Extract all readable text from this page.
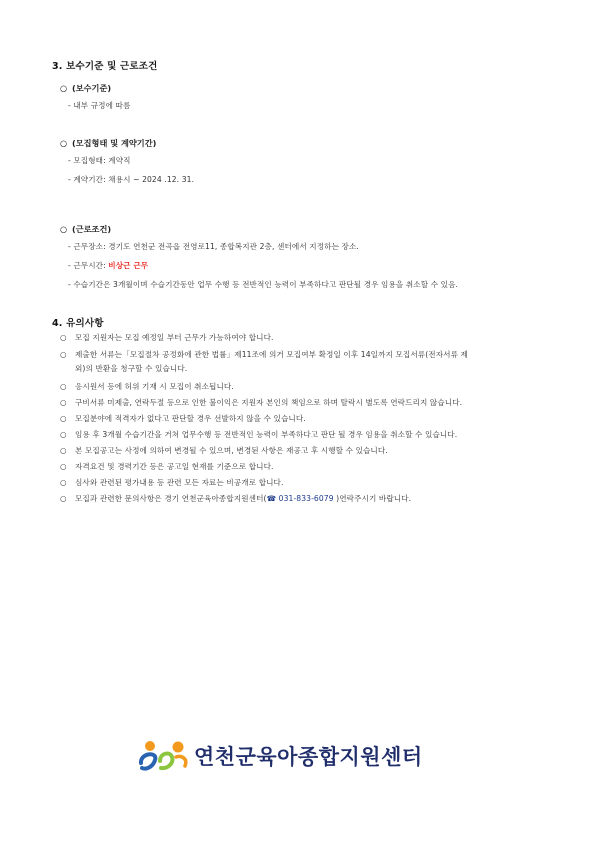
3. 보수기준 및 근로조건
○ (보수기준)
- 내부 규정에 따름
○ (모집형태 및 계약기간)
- 모집형태: 계약직
- 계약기간: 채용시 ~ 2024 .12. 31.
○ (근로조건)
- 근무장소: 경기도 연천군 전곡읍 전영로11, 종합복지관 2층, 센터에서 지정하는 장소.
- 근무시간: 비상근 근무
- 수습기간은 3개월이며 수습기간동안 업무 수행 등 전반적인 능력이 부족하다고 판단될 경우 임용을 취소할 수 있음.
4. 유의사항
○ 모집 지원자는 모집 예정일 부터 근무가 가능하여야 합니다.
○ 제출한 서류는「모집절차 공정화에 관한 법률」제11조에 의거 모집여부 확정일 이후 14일까지 모집서류(전자서류 제
외)의 반환을 청구할 수 있습니다.
○ 응시원서 등에 허위 기재 시 모집이 취소됩니다.
○ 구비서류 미제출, 연락두절 등으로 인한 불이익은 지원자 본인의 책임으로 하며 탈락시 별도록 연락드리지 않습니다.
○ 모집분야에 적격자가 없다고 판단할 경우 선발하지 않을 수 있습니다.
○ 임용 후 3개월 수습기간을 거쳐 업무수행 등 전반적인 능력이 부족하다고 판단 될 경우 임용을 취소할 수 있습니다.
○ 본 모집공고는 사정에 의하여 변경될 수 있으며, 변경된 사항은 재공고 후 시행할 수 있습니다.
○ 자격요건 및 경력기간 등은 공고일 현재를 기준으로 합니다.
○ 심사와 관련된 평가내용 등 관련 모든 자료는 비공개로 합니다.
○ 모집과 관련한 문의사항은 경기 연천군육아종합지원센터(☎ 031-833-6079 )연락주시기 바랍니다.
연천군육아종합지원센터
